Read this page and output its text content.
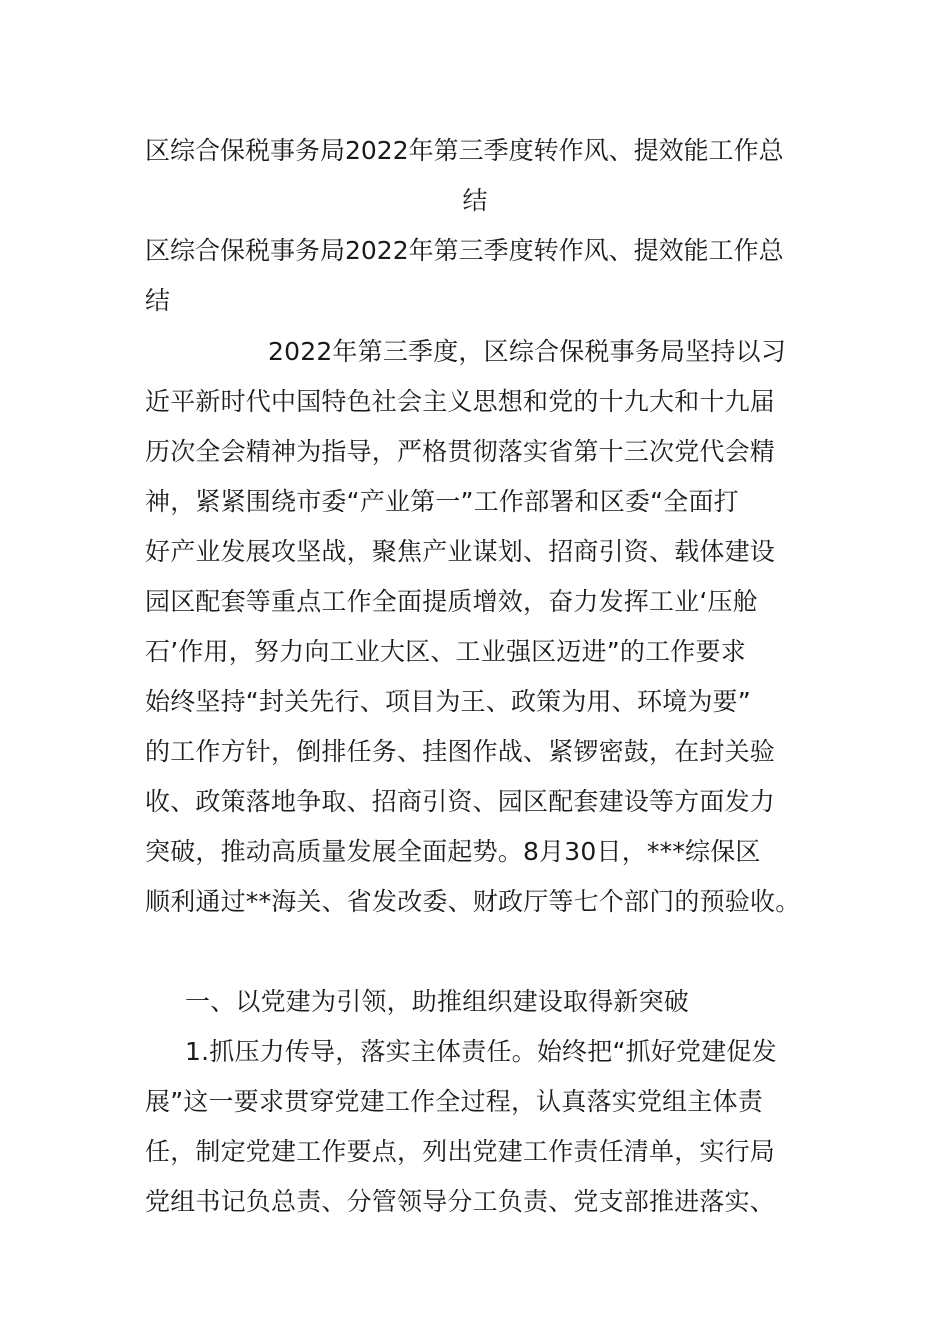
区综合保税事务局2022年第三季度转作风、提效能工作总
结
区综合保税事务局2022年第三季度转作风、提效能工作总
结
2022年第三季度，区综合保税事务局坚持以习
近平新时代中国特色社会主义思想和党的十九大和十九届
历次全会精神为指导，严格贯彻落实省第十三次党代会精
神，紧紧围绕市委“产业第一”工作部署和区委“全面打
好产业发展攻坚战，聚焦产业谋划、招商引资、载体建设
园区配套等重点工作全面提质增效，奋力发挥工业‘压舱
石’作用，努力向工业大区、工业强区迈进”的工作要求
始终坚持“封关先行、项目为王、政策为用、环境为要”
的工作方针，倒排任务、挂图作战、紧锣密鼓，在封关验
收、政策落地争取、招商引资、园区配套建设等方面发力
突破，推动高质量发展全面起势。8月30日，***综保区
顺利通过**海关、省发改委、财政厅等七个部门的预验收。
一、以党建为引领，助推组织建设取得新突破
1.抓压力传导，落实主体责任。始终把“抓好党建促发
展”这一要求贯穿党建工作全过程，认真落实党组主体责
任，制定党建工作要点，列出党建工作责任清单，实行局
党组书记负总责、分管领导分工负责、党支部推进落实、
